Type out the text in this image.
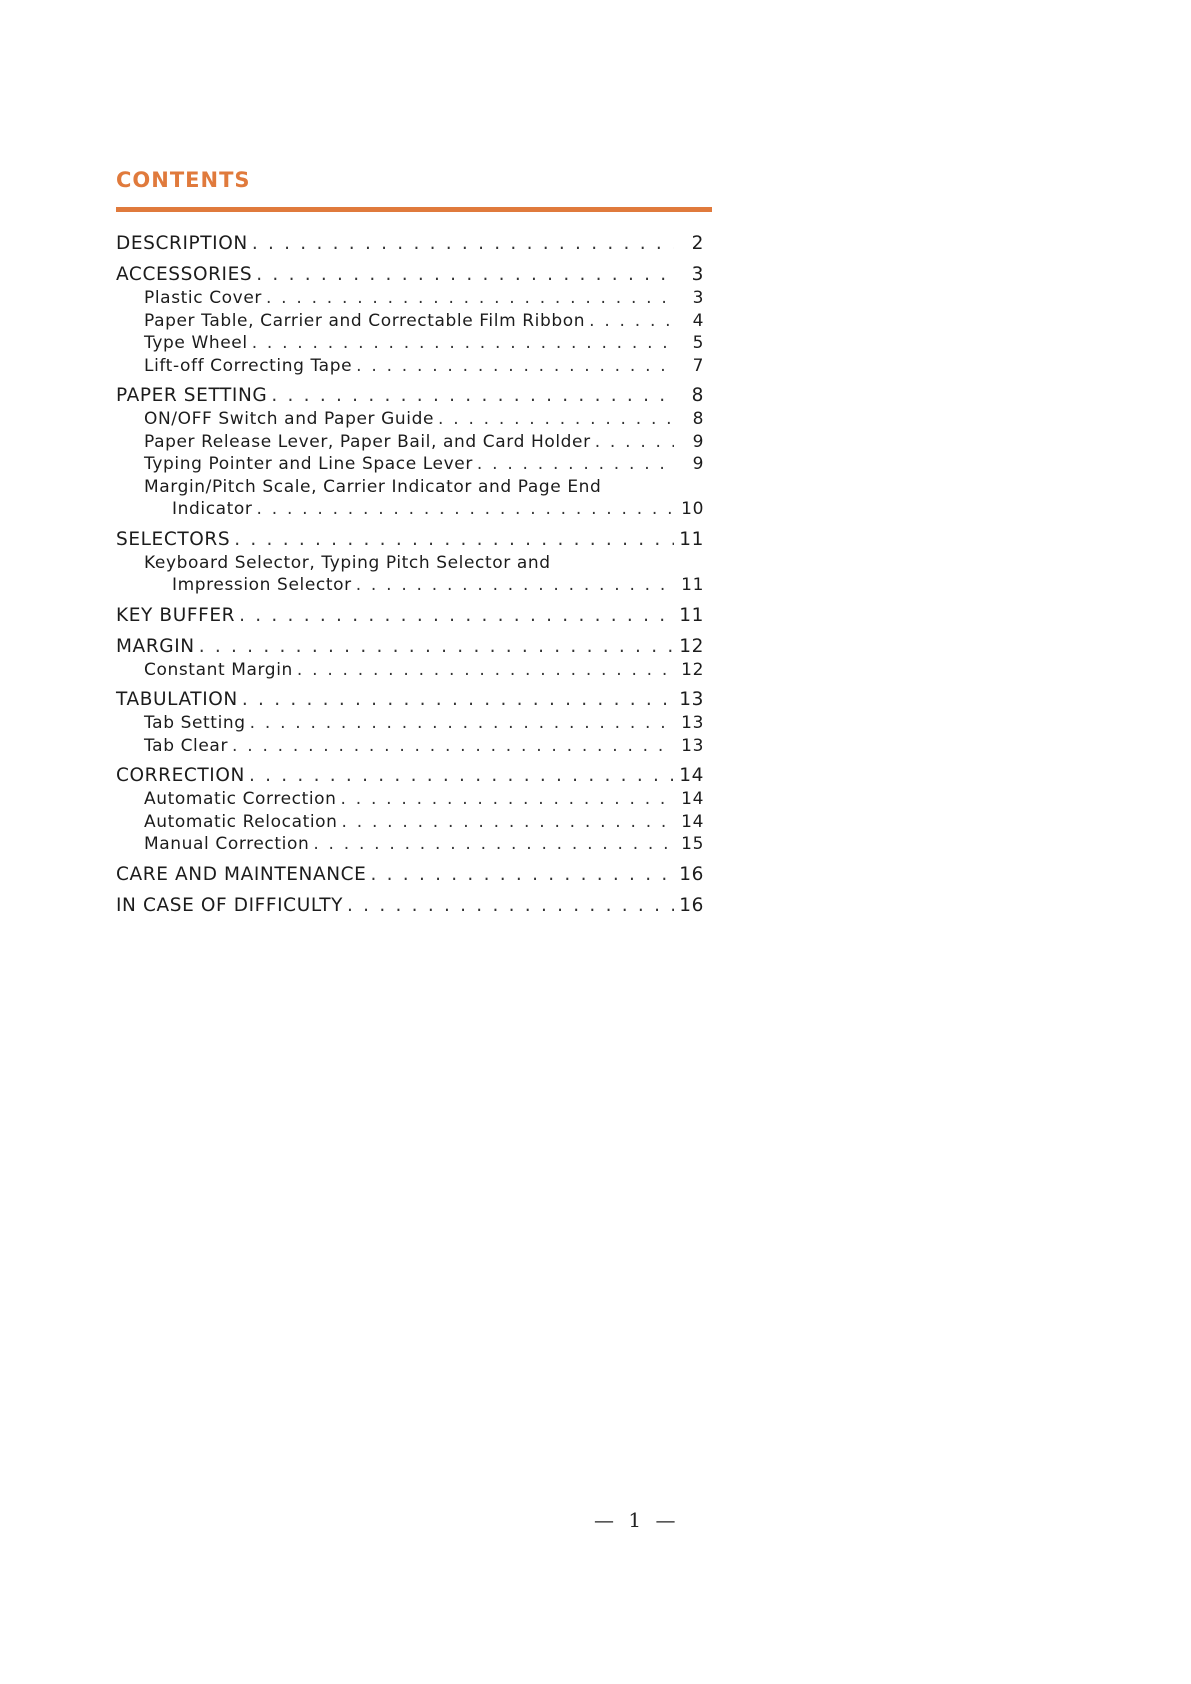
CONTENTS
DESCRIPTION . . .	2
ACCESSORIES . . .	3
Plastic Cover . . .	3
Paper Table, Carrier and Correctable Film Ribbon . . .	4
Type Wheel . . .	5
Lift-off Correcting Tape . . .	7
PAPER SETTING . . .	8
ON/OFF Switch and Paper Guide . . .	8
Paper Release Lever, Paper Bail, and Card Holder . . .	9
Typing Pointer and Line Space Lever . . .	9
Margin/Pitch Scale, Carrier Indicator and Page End
Indicator . . .	10
SELECTORS . . .	11
Keyboard Selector, Typing Pitch Selector and
Impression Selector . . .	11
KEY BUFFER . . .	11
MARGIN . . .	12
Constant Margin . . .	12
TABULATION . . .	13
Tab Setting . . .	13
Tab Clear . . .	13
CORRECTION . . .	14
Automatic Correction . . .	14
Automatic Relocation . . .	14
Manual Correction . . .	15
CARE AND MAINTENANCE . . .	16
IN CASE OF DIFFICULTY . . .	16
— 1 —
